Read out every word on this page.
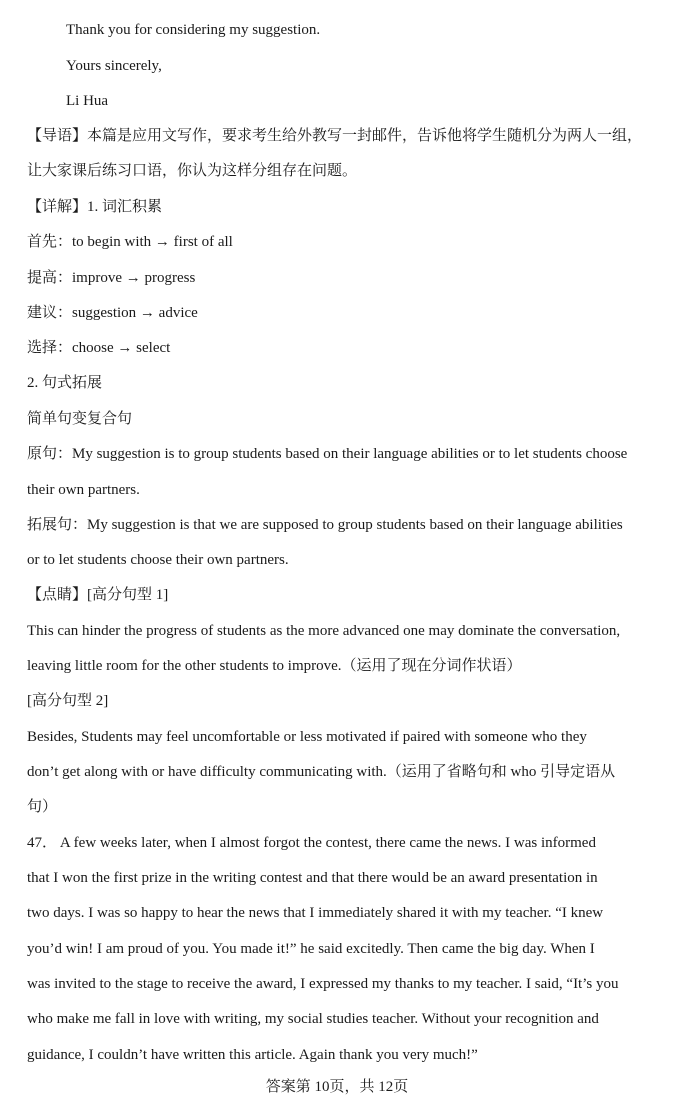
Thank you for considering my suggestion.
Yours sincerely,
Li Hua
【导语】本篇是应用文写作，要求考生给外教写一封邮件，告诉他将学生随机分为两人一组，
让大家课后练习口语，你认为这样分组存在问题。
【详解】1. 词汇积累
首先：to begin with → first of all
提高：improve → progress
建议：suggestion → advice
选择：choose → select
2. 句式拓展
简单句变复合句
原句：My suggestion is to group students based on their language abilities or to let students choose
their own partners.
拓展句：My suggestion is that we are supposed to group students based on their language abilities
or to let students choose their own partners.
【点睛】[高分句型 1]
This can hinder the progress of students as the more advanced one may dominate the conversation,
leaving little room for the other students to improve.（运用了现在分词作状语）
[高分句型 2]
Besides, Students may feel uncomfortable or less motivated if paired with someone who they
don’t get along with or have difficulty communicating with.（运用了省略句和 who 引导定语从
句）
47． A few weeks later, when I almost forgot the contest, there came the news. I was informed
that I won the first prize in the writing contest and that there would be an award presentation in
two days. I was so happy to hear the news that I immediately shared it with my teacher. “I knew
you’d win! I am proud of you. You made it!” he said excitedly. Then came the big day. When I
was invited to the stage to receive the award, I expressed my thanks to my teacher. I said, “It’s you
who make me fall in love with writing, my social studies teacher. Without your recognition and
guidance, I couldn’t have written this article. Again thank you very much!”
答案第 10页，共 12页
